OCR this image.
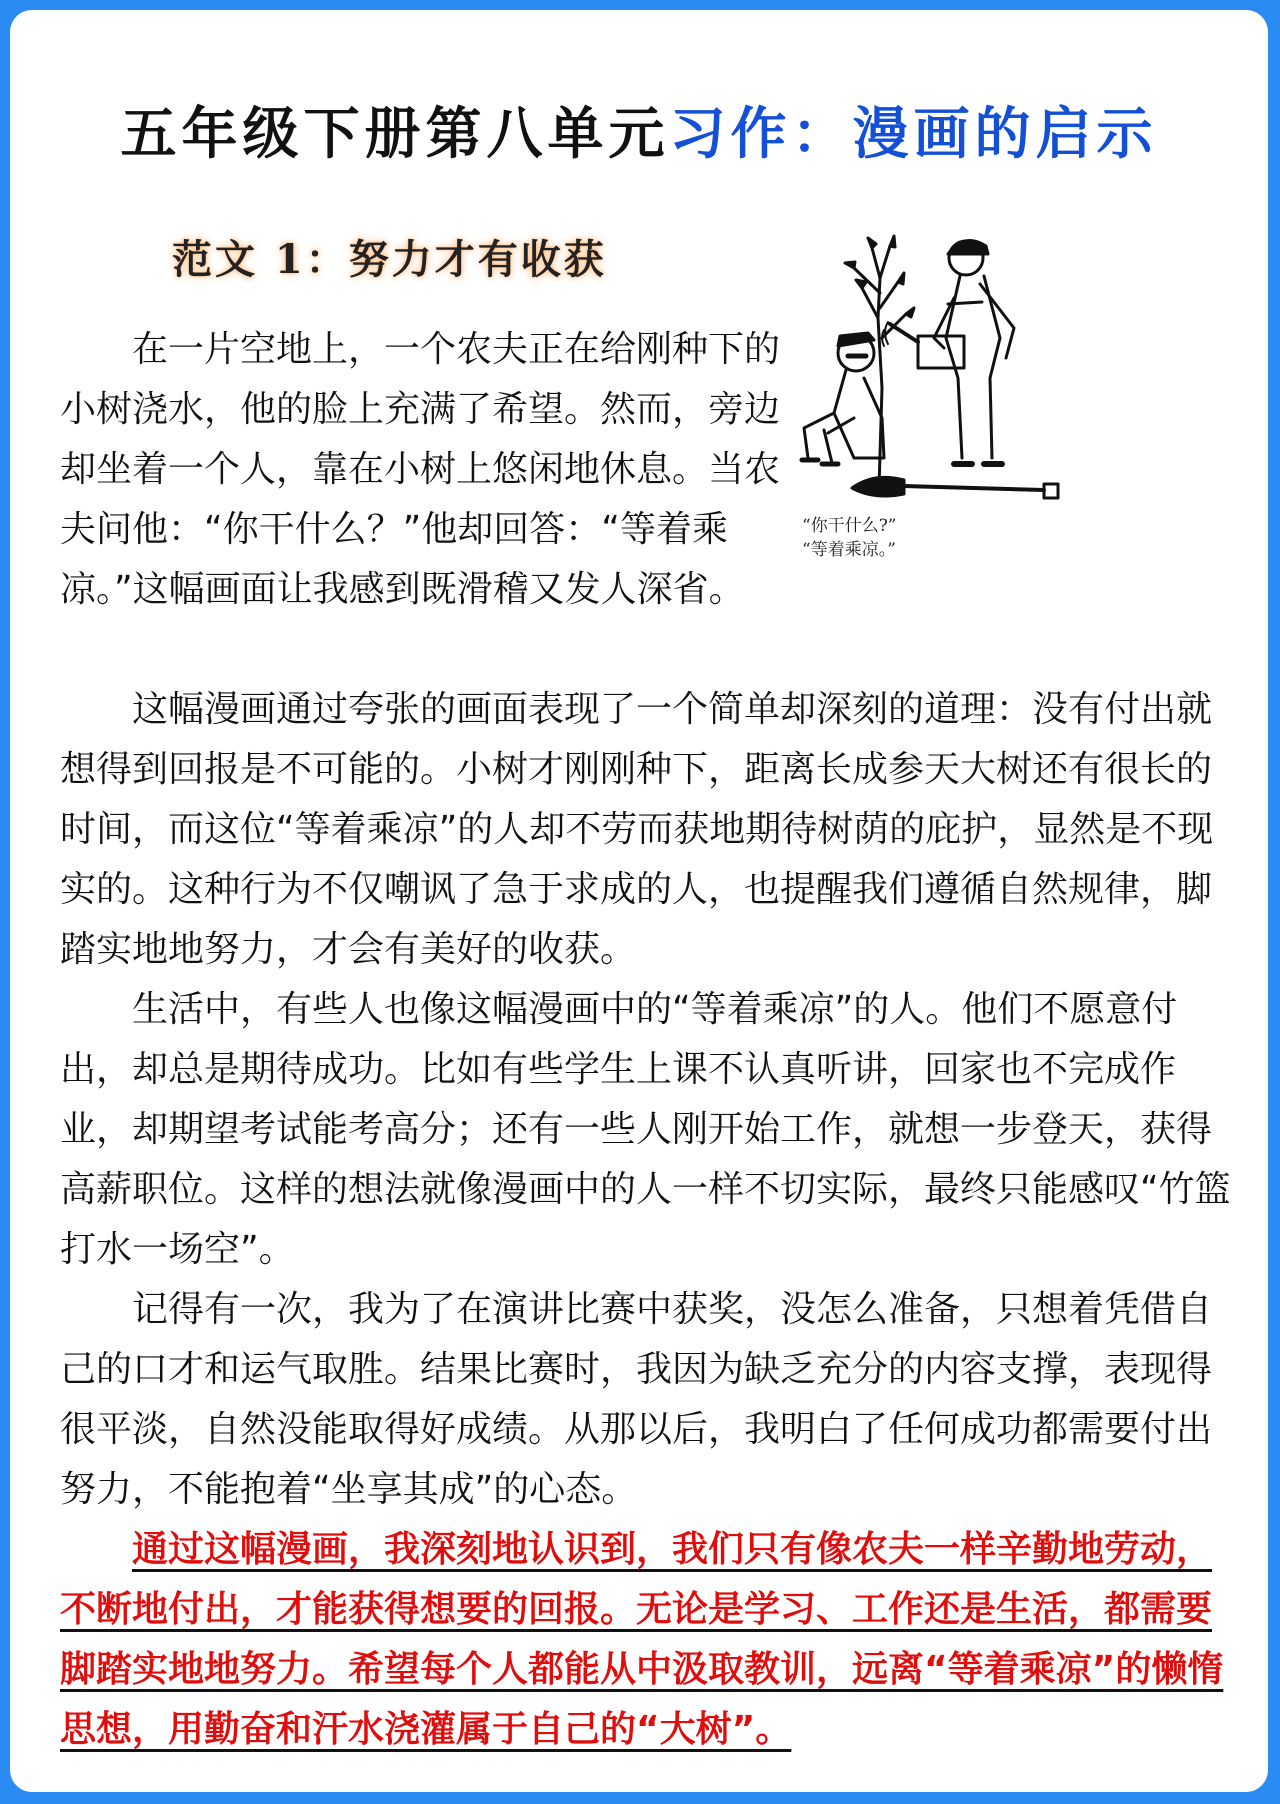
五年级下册第八单元习作：漫画的启示
范文 1：努力才有收获
“你干什么?”
“等着乘凉。”

在一片空地上，一个农夫正在给刚种下的小树浇水，他的脸上充满了希望。然而，旁边却坐着一个人，靠在小树上悠闲地休息。当农夫问他：“你干什么？”他却回答：“等着乘凉。”这幅画面让我感到既滑稽又发人深省。

这幅漫画通过夸张的画面表现了一个简单却深刻的道理：没有付出就想得到回报是不可能的。小树才刚刚种下，距离长成参天大树还有很长的时间，而这位“等着乘凉”的人却不劳而获地期待树荫的庇护，显然是不现实的。这种行为不仅嘲讽了急于求成的人，也提醒我们遵循自然规律，脚踏实地地努力，才会有美好的收获。

生活中，有些人也像这幅漫画中的“等着乘凉”的人。他们不愿意付出，却总是期待成功。比如有些学生上课不认真听讲，回家也不完成作业，却期望考试能考高分；还有一些人刚开始工作，就想一步登天，获得高薪职位。这样的想法就像漫画中的人一样不切实际，最终只能感叹“竹篮打水一场空”。

记得有一次，我为了在演讲比赛中获奖，没怎么准备，只想着凭借自己的口才和运气取胜。结果比赛时，我因为缺乏充分的内容支撑，表现得很平淡，自然没能取得好成绩。从那以后，我明白了任何成功都需要付出努力，不能抱着“坐享其成”的心态。

通过这幅漫画，我深刻地认识到，我们只有像农夫一样辛勤地劳动，不断地付出，才能获得想要的回报。无论是学习、工作还是生活，都需要脚踏实地地努力。希望每个人都能从中汲取教训，远离“等着乘凉”的懒惰思想，用勤奋和汗水浇灌属于自己的“大树”。
